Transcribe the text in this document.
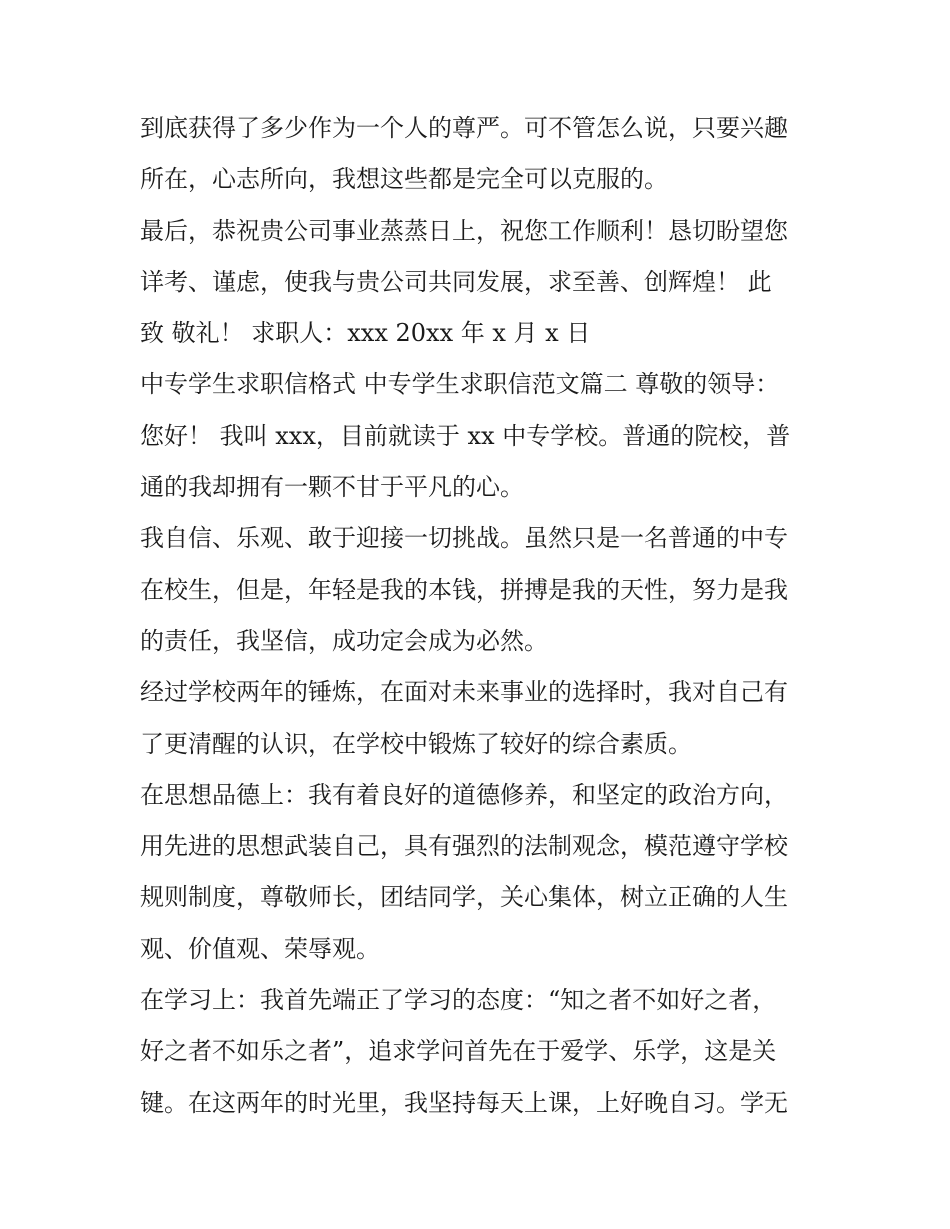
到底获得了多少作为一个人的尊严。可不管怎么说，只要兴趣
所在，心志所向，我想这些都是完全可以克服的。
最后，恭祝贵公司事业蒸蒸日上，祝您工作顺利！恳切盼望您
详考、谨虑，使我与贵公司共同发展，求至善、创辉煌！ 此
致 敬礼！ 求职人：xxx 20xx 年 x 月 x 日
中专学生求职信格式 中专学生求职信范文篇二 尊敬的领导：
您好！ 我叫 xxx，目前就读于 xx 中专学校。普通的院校，普
通的我却拥有一颗不甘于平凡的心。
我自信、乐观、敢于迎接一切挑战。虽然只是一名普通的中专
在校生，但是，年轻是我的本钱，拼搏是我的天性，努力是我
的责任，我坚信，成功定会成为必然。
经过学校两年的锤炼，在面对未来事业的选择时，我对自己有
了更清醒的认识，在学校中锻炼了较好的综合素质。
在思想品德上：我有着良好的道德修养，和坚定的政治方向，
用先进的思想武装自己，具有强烈的法制观念，模范遵守学校
规则制度，尊敬师长，团结同学，关心集体，树立正确的人生
观、价值观、荣辱观。
在学习上：我首先端正了学习的态度：“知之者不如好之者，
好之者不如乐之者”，追求学问首先在于爱学、乐学，这是关
键。在这两年的时光里，我坚持每天上课，上好晚自习。学无
